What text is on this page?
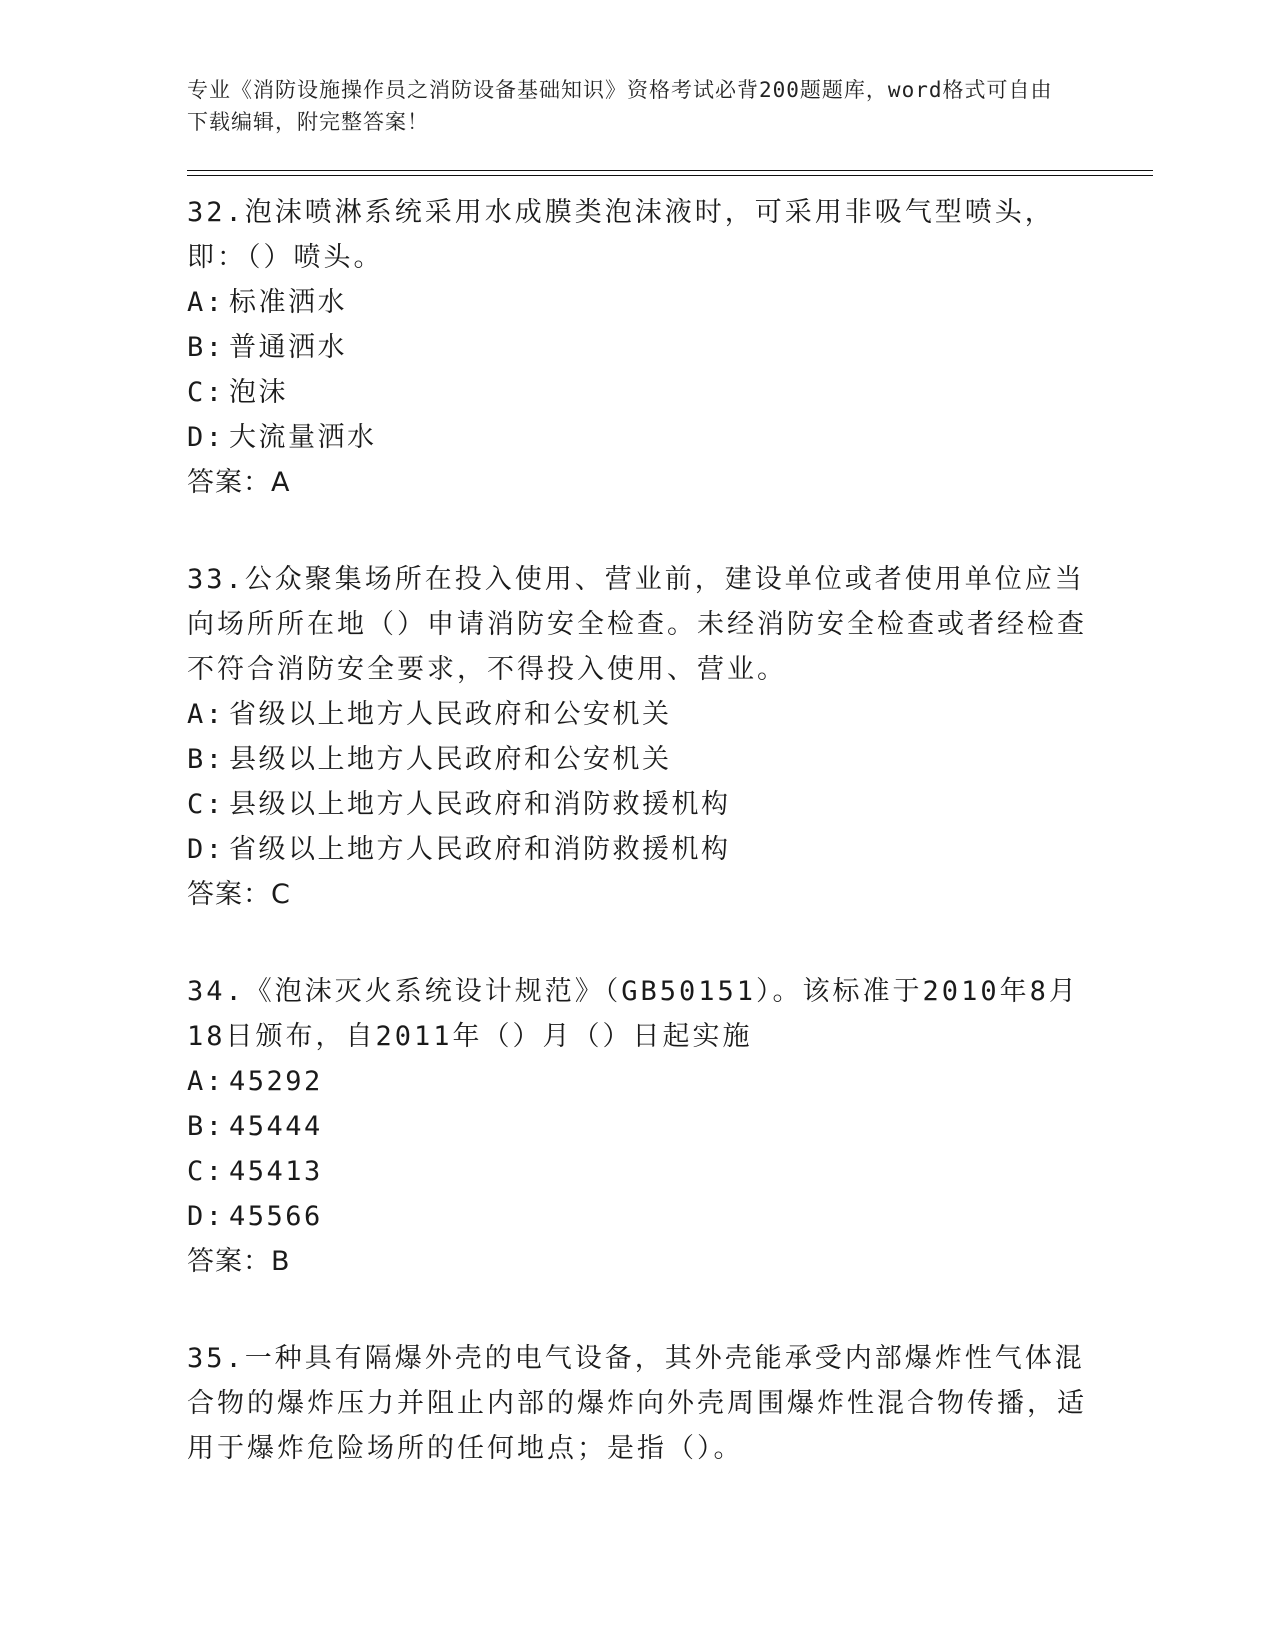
专业《消防设施操作员之消防设备基础知识》资格考试必背200题题库，word格式可自由下载编辑，附完整答案！
32.泡沫喷淋系统采用水成膜类泡沫液时，可采用非吸气型喷头，即：（）喷头。
A: 标准洒水
B: 普通洒水
C: 泡沫
D: 大流量洒水
答案：A
33.公众聚集场所在投入使用、营业前，建设单位或者使用单位应当向场所所在地（）申请消防安全检查。未经消防安全检查或者经检查不符合消防安全要求，不得投入使用、营业。
A: 省级以上地方人民政府和公安机关
B: 县级以上地方人民政府和公安机关
C: 县级以上地方人民政府和消防救援机构
D: 省级以上地方人民政府和消防救援机构
答案：C
34.《泡沫灭火系统设计规范》（GB50151）。该标准于2010年8月18日颁布，自2011年（）月（）日起实施
A: 45292
B: 45444
C: 45413
D: 45566
答案：B
35.一种具有隔爆外壳的电气设备，其外壳能承受内部爆炸性气体混合物的爆炸压力并阻止内部的爆炸向外壳周围爆炸性混合物传播，适用于爆炸危险场所的任何地点；是指（）。
